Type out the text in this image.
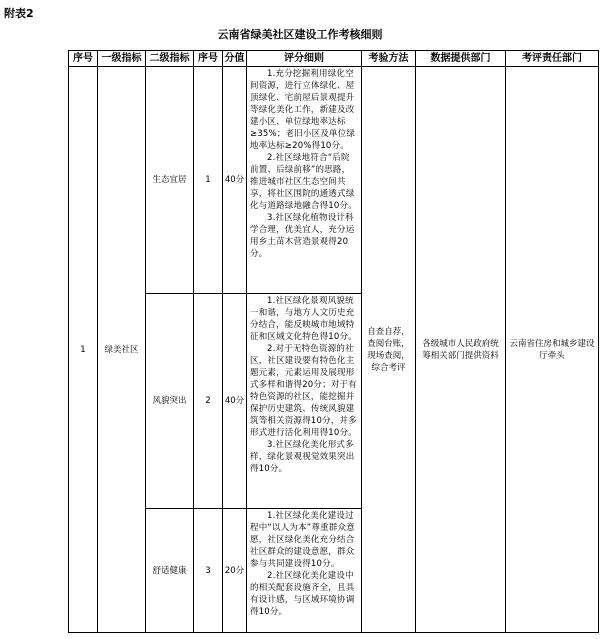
附表2
云南省绿美社区建设工作考核细则
序号	一级指标	二级指标	序号	分值	评分细则	考验方法	数据提供部门	考评责任部门
1	绿美社区	生态宜居	1	40分	1.充分挖掘利用绿化空间资源，进行立体绿化、屋顶绿化、宅前屋后景观提升等绿化美化工作，新建及改建小区、单位绿地率达标≥35%；老旧小区及单位绿地率达标≥20%得10分。

2.社区绿地符合“后院前置、后绿前移”的思路，推进城市社区生态空间共享，将社区围院的通透式绿化与道路绿地融合得10分。

3.社区绿化植物设计科学合理，优美宜人，充分运用乡土苗木营造景观得20分。	自查自荐，查阅台账，现场查阅，综合考评	各级城市人民政府统筹相关部门提供资料	云南省住房和城乡建设厅牵头
		风貌突出	2	40分	1.社区绿化景观风貌统一和谐，与地方人文历史充分结合，能反映城市地域特征和区域文化特色得10分。

2.对于无特色资源的社区，社区建设要有特色化主题元素，元素运用及展现形式多样和谐得20分；对于有特色资源的社区，能挖掘并保护历史建筑、传统风貌建筑等相关资源得10分，并多形式进行活化利用得10分。

3.社区绿化美化形式多样，绿化景观视觉效果突出得10分。			

		舒适健康	3	20分	1.社区绿化美化建设过程中“以人为本”尊重群众意愿，社区绿化美化充分结合社区群众的建设意愿，群众参与共同建设得10分。

2.社区绿化美化建设中的相关配套设施齐全，且具有设计感，与区域环境协调得10分。			
